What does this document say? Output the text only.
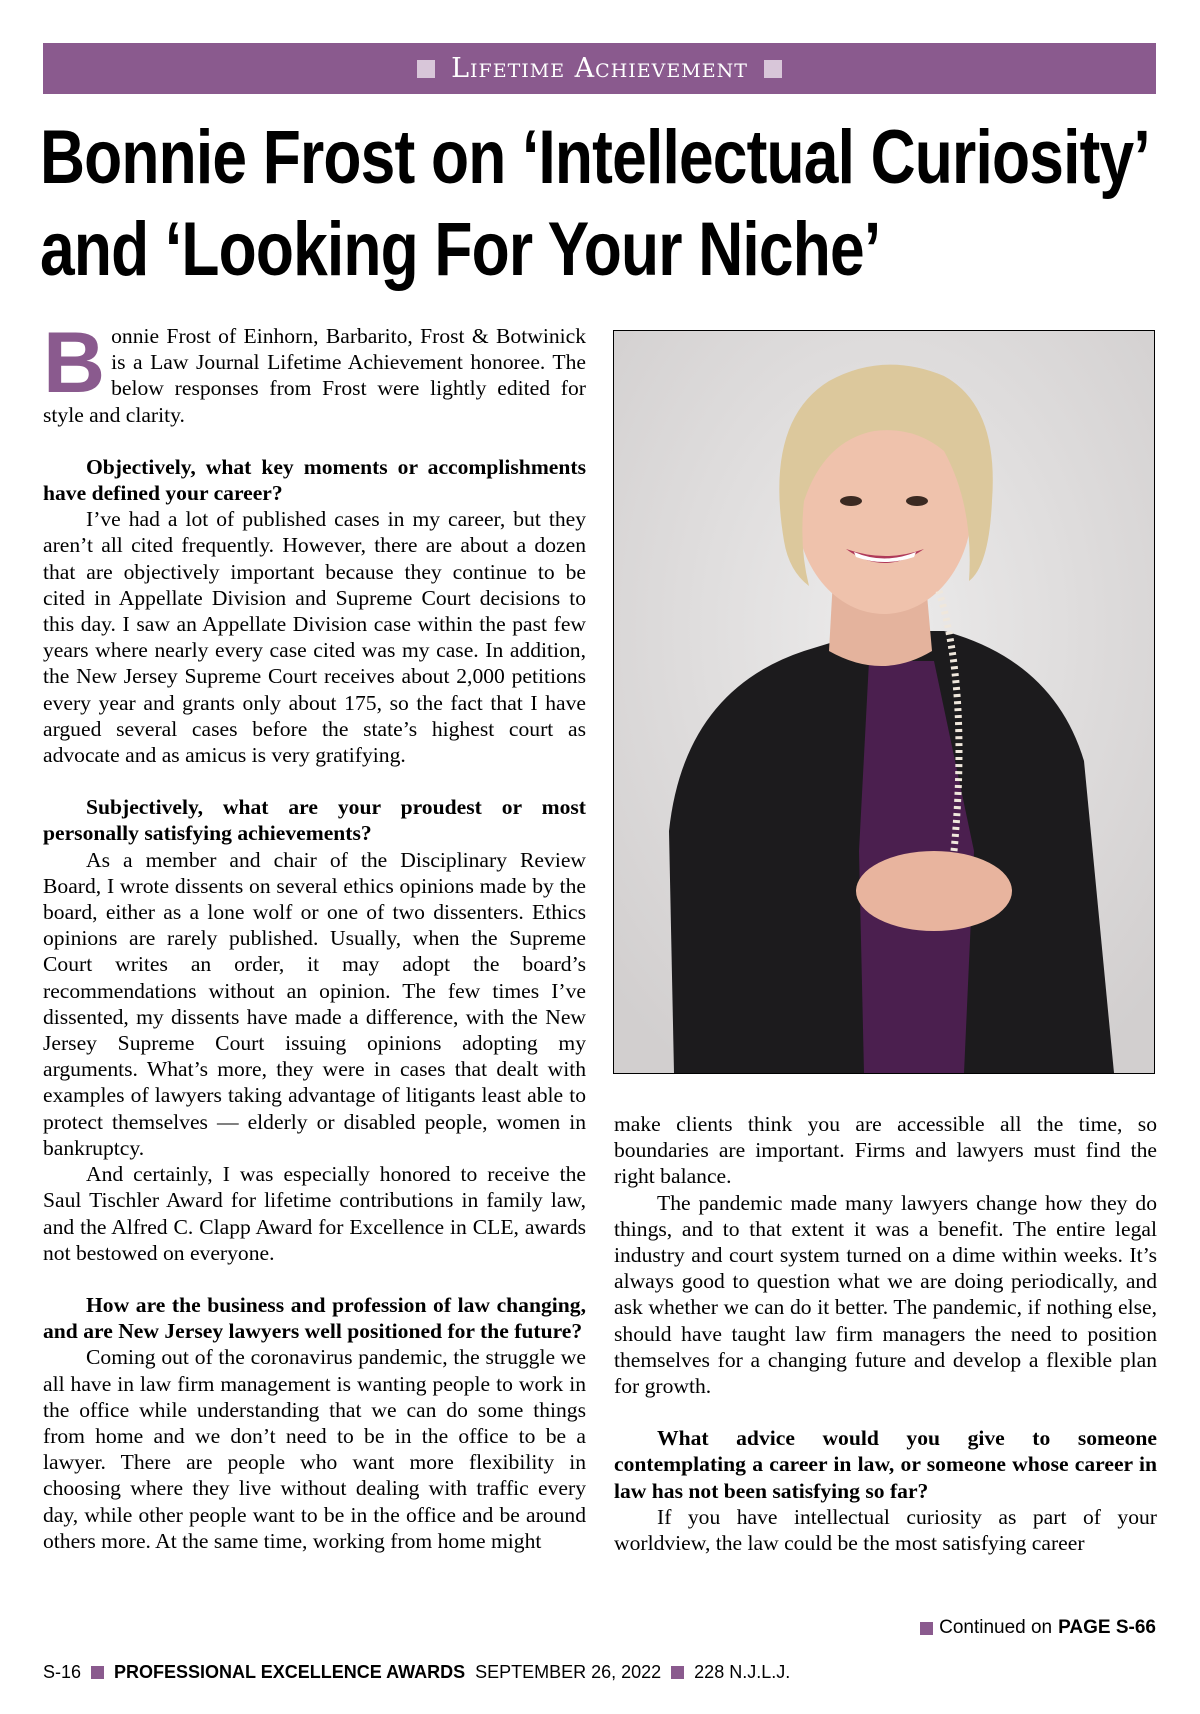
Lifetime Achievement
Bonnie Frost on ‘Intellectual Curiosity’
and ‘Looking For Your Niche’

Bonnie Frost of Einhorn, Barbarito, Frost & Botwinick is a Law Journal Lifetime Achievement honoree. The below responses from Frost were lightly edited for style and clarity.

Objectively, what key moments or accomplishments have defined your career?

I’ve had a lot of published cases in my career, but they aren’t all cited frequently. However, there are about a dozen that are objectively important because they continue to be cited in Appellate Division and Supreme Court decisions to this day. I saw an Appellate Division case within the past few years where nearly every case cited was my case. In addition, the New Jersey Supreme Court receives about 2,000 petitions every year and grants only about 175, so the fact that I have argued several cases before the state’s highest court as advocate and as amicus is very gratifying.

Subjectively, what are your proudest or most personally satisfying achievements?

As a member and chair of the Disciplinary Review Board, I wrote dissents on several ethics opinions made by the board, either as a lone wolf or one of two dissenters. Ethics opinions are rarely published. Usually, when the Supreme Court writes an order, it may adopt the board’s recommendations without an opinion. The few times I’ve dissented, my dissents have made a difference, with the New Jersey Supreme Court issuing opinions adopting my arguments. What’s more, they were in cases that dealt with examples of lawyers taking advantage of litigants least able to protect themselves — elderly or disabled people, women in bankruptcy.

And certainly, I was especially honored to receive the Saul Tischler Award for lifetime contributions in family law, and the Alfred C. Clapp Award for Excellence in CLE, awards not bestowed on everyone.

How are the business and profession of law changing, and are New Jersey lawyers well positioned for the future?

Coming out of the coronavirus pandemic, the struggle we all have in law firm management is wanting people to work in the office while understanding that we can do some things from home and we don’t need to be in the office to be a lawyer. There are people who want more flexibility in choosing where they live without dealing with traffic every day, while other people want to be in the office and be around others more. At the same time, working from home might

make clients think you are accessible all the time, so boundaries are important. Firms and lawyers must find the right balance.

The pandemic made many lawyers change how they do things, and to that extent it was a benefit. The entire legal industry and court system turned on a dime within weeks. It’s always good to question what we are doing periodically, and ask whether we can do it better. The pandemic, if nothing else, should have taught law firm managers the need to position themselves for a changing future and develop a flexible plan for growth.

What advice would you give to someone contemplating a career in law, or someone whose career in law has not been satisfying so far?

If you have intellectual curiosity as part of your worldview, the law could be the most satisfying career

Continued on PAGE S-66
S-16 PROFESSIONAL EXCELLENCE AWARDS SEPTEMBER 26, 2022 228 N.J.L.J.
